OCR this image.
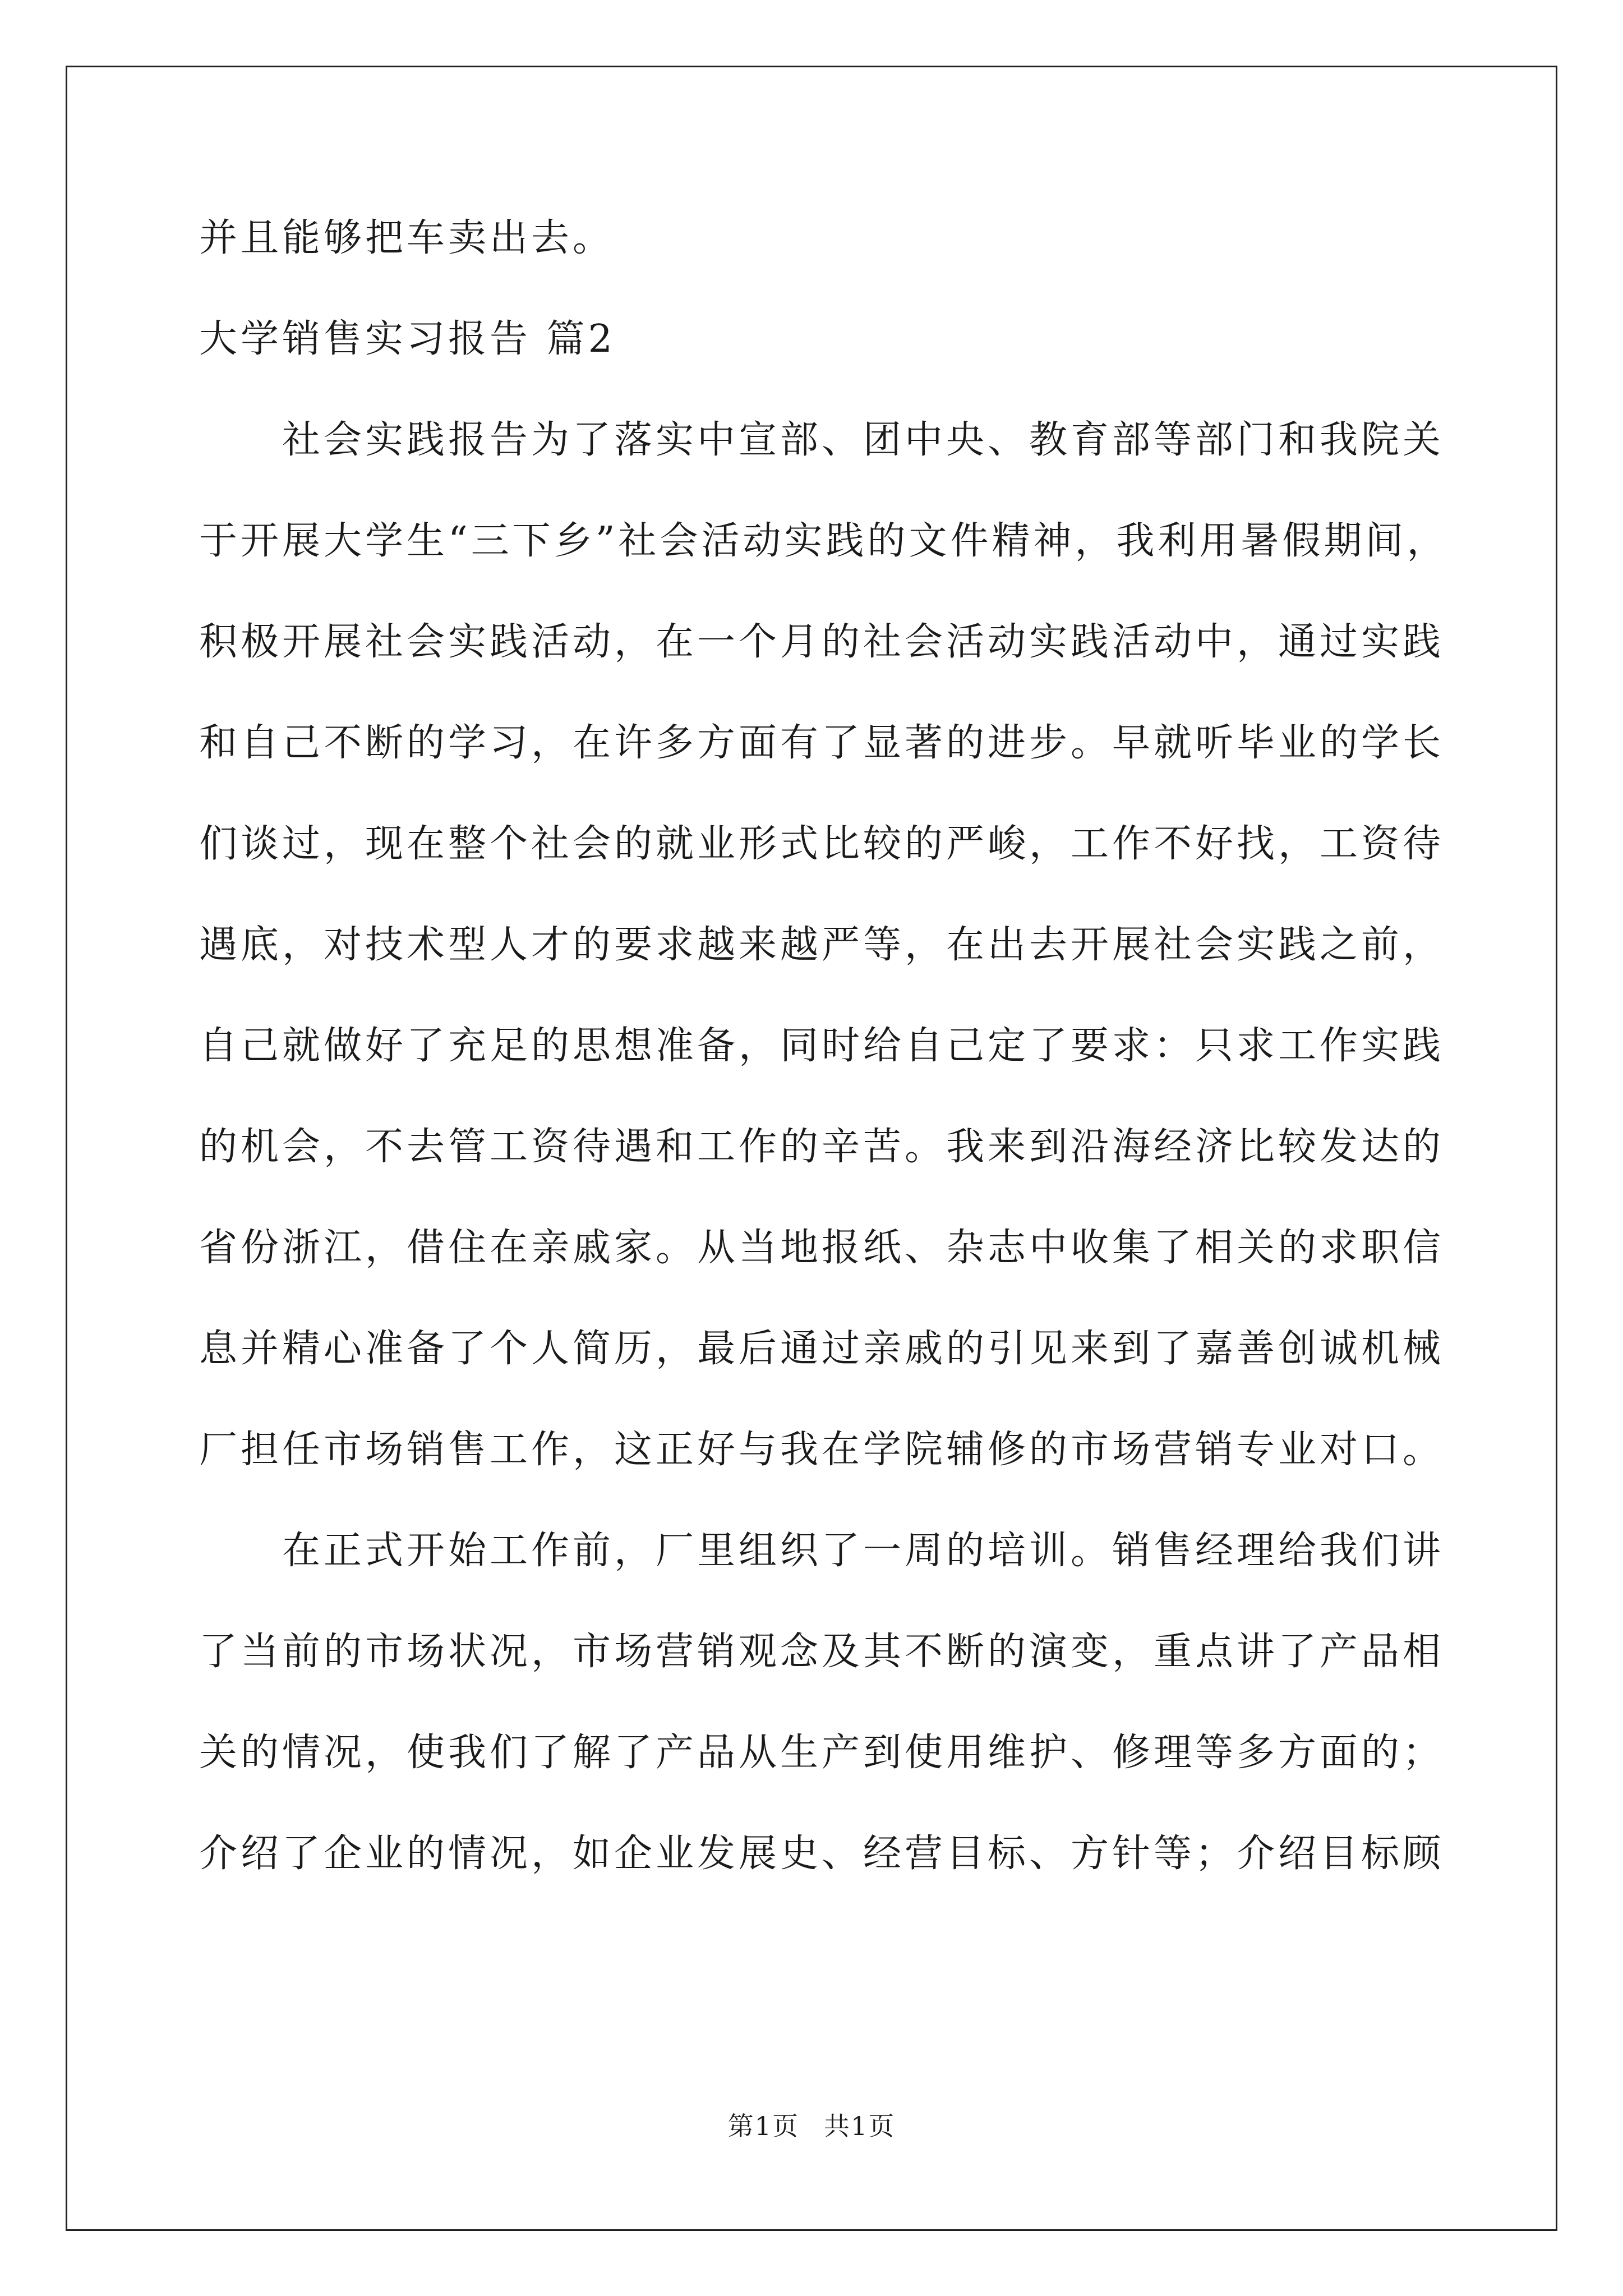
并且能够把车卖出去。
大学销售实习报告 篇2
社会实践报告为了落实中宣部、团中央、教育部等部门和我院关
于开展大学生“三下乡”社会活动实践的文件精神，我利用暑假期间，
积极开展社会实践活动，在一个月的社会活动实践活动中，通过实践
和自己不断的学习，在许多方面有了显著的进步。早就听毕业的学长
们谈过，现在整个社会的就业形式比较的严峻，工作不好找，工资待
遇底，对技术型人才的要求越来越严等，在出去开展社会实践之前，
自己就做好了充足的思想准备，同时给自己定了要求：只求工作实践
的机会，不去管工资待遇和工作的辛苦。我来到沿海经济比较发达的
省份浙江，借住在亲戚家。从当地报纸、杂志中收集了相关的求职信
息并精心准备了个人简历，最后通过亲戚的引见来到了嘉善创诚机械
厂担任市场销售工作，这正好与我在学院辅修的市场营销专业对口。
在正式开始工作前，厂里组织了一周的培训。销售经理给我们讲
了当前的市场状况，市场营销观念及其不断的演变，重点讲了产品相
关的情况，使我们了解了产品从生产到使用维护、修理等多方面的；
介绍了企业的情况，如企业发展史、经营目标、方针等；介绍目标顾
第1页 共1页
